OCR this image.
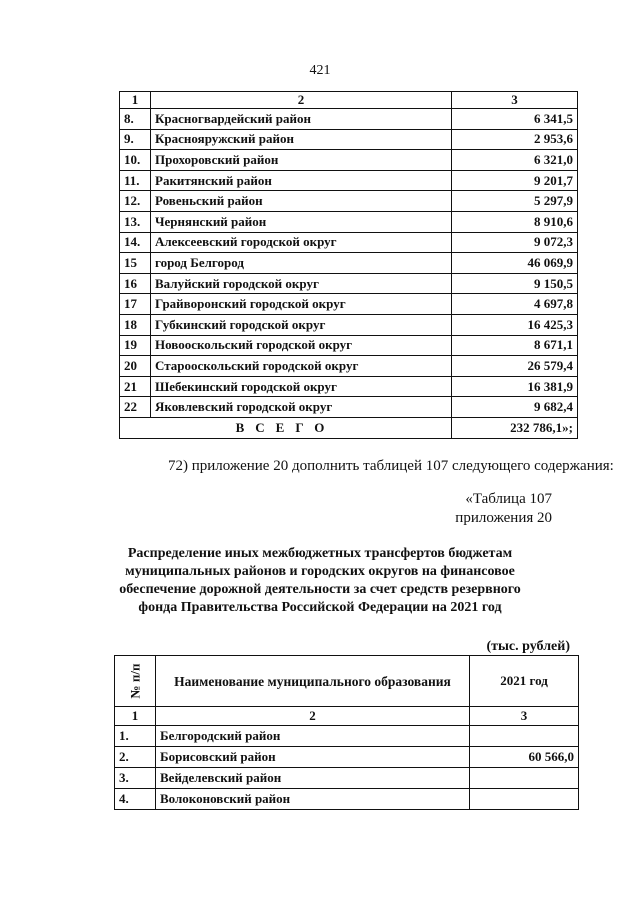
421
1	2	3
8.	Красногвардейский район	6 341,5
9.	Краснояружский район	2 953,6
10.	Прохоровский район	6 321,0
11.	Ракитянский район	9 201,7
12.	Ровеньский район	5 297,9
13.	Чернянский район	8 910,6
14.	Алексеевский городской округ	9 072,3
15	город Белгород	46 069,9
16	Валуйский городской округ	9 150,5
17	Грайворонский городской округ	4 697,8
18	Губкинский городской округ	16 425,3
19	Новооскольский городской округ	8 671,1
20	Старооскольский городской округ	26 579,4
21	Шебекинский городской округ	16 381,9
22	Яковлевский городской округ	9 682,4
ВСЕГО		232 786,1»;
72) приложение 20 дополнить таблицей 107 следующего содержания:
«Таблица 107
приложения 20
Распределение иных межбюджетных трансфертов бюджетам муниципальных районов и городских округов на финансовое обеспечение дорожной деятельности за счет средств резервного фонда Правительства Российской Федерации на 2021 год
(тыс. рублей)
№ п/п	Наименование муниципального образования	2021 год
1	2	3
1.	Белгородский район	
2.	Борисовский район	60 566,0
3.	Вейделевский район	
4.	Волоконовский район	
